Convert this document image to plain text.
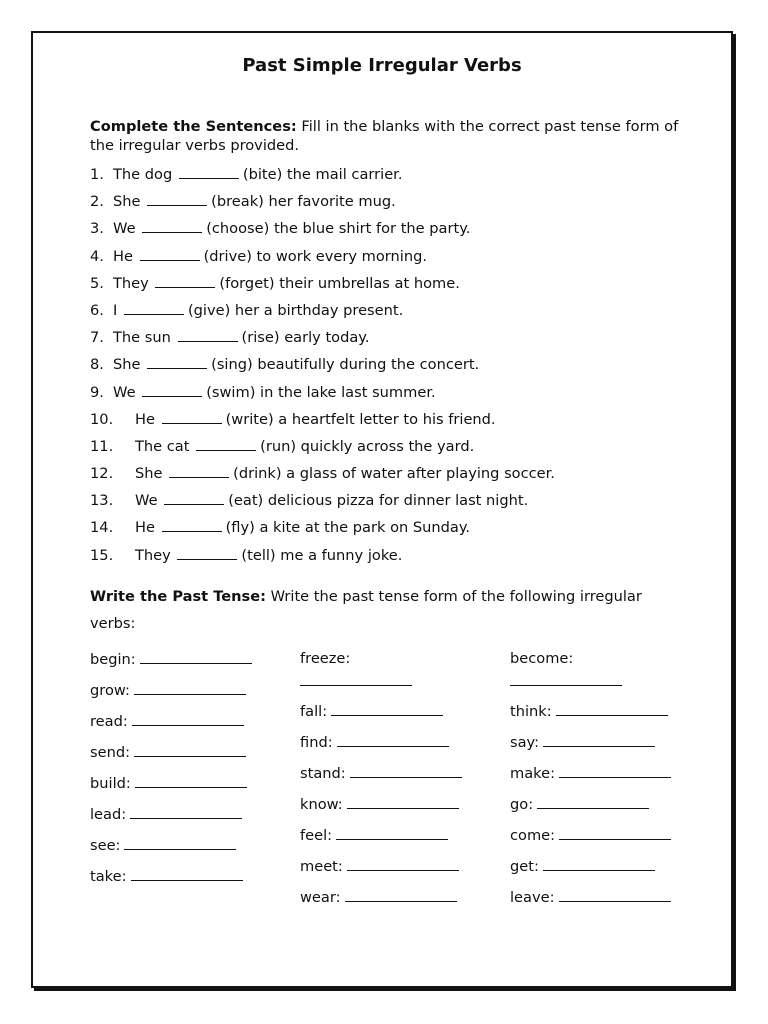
Past Simple Irregular Verbs
Complete the Sentences: Fill in the blanks with the correct past tense form of the irregular verbs provided.
1. The dog	(bite) the mail carrier.
2. She	(break) her favorite mug.
3. We	(choose) the blue shirt for the party.
4. He	(drive) to work every morning.
5. They	(forget) their umbrellas at home.
6. I	(give) her a birthday present.
7. The sun	(rise) early today.
8. She	(sing) beautifully during the concert.
9. We	(swim) in the lake last summer.
10. He	(write) a heartfelt letter to his friend.
11. The cat	(run) quickly across the yard.
12. She	(drink) a glass of water after playing soccer.
13. We	(eat) delicious pizza for dinner last night.
14. He	(fly) a kite at the park on Sunday.
15. They	(tell) me a funny joke.
Write the Past Tense: Write the past tense form of the following irregular verbs:
begin:
grow:
read:
send:
build:
lead:
see:
take:
freeze:
fall:
find:
stand:
know:
feel:
meet:
wear:
become:
think:
say:
make:
go:
come:
get:
leave:
